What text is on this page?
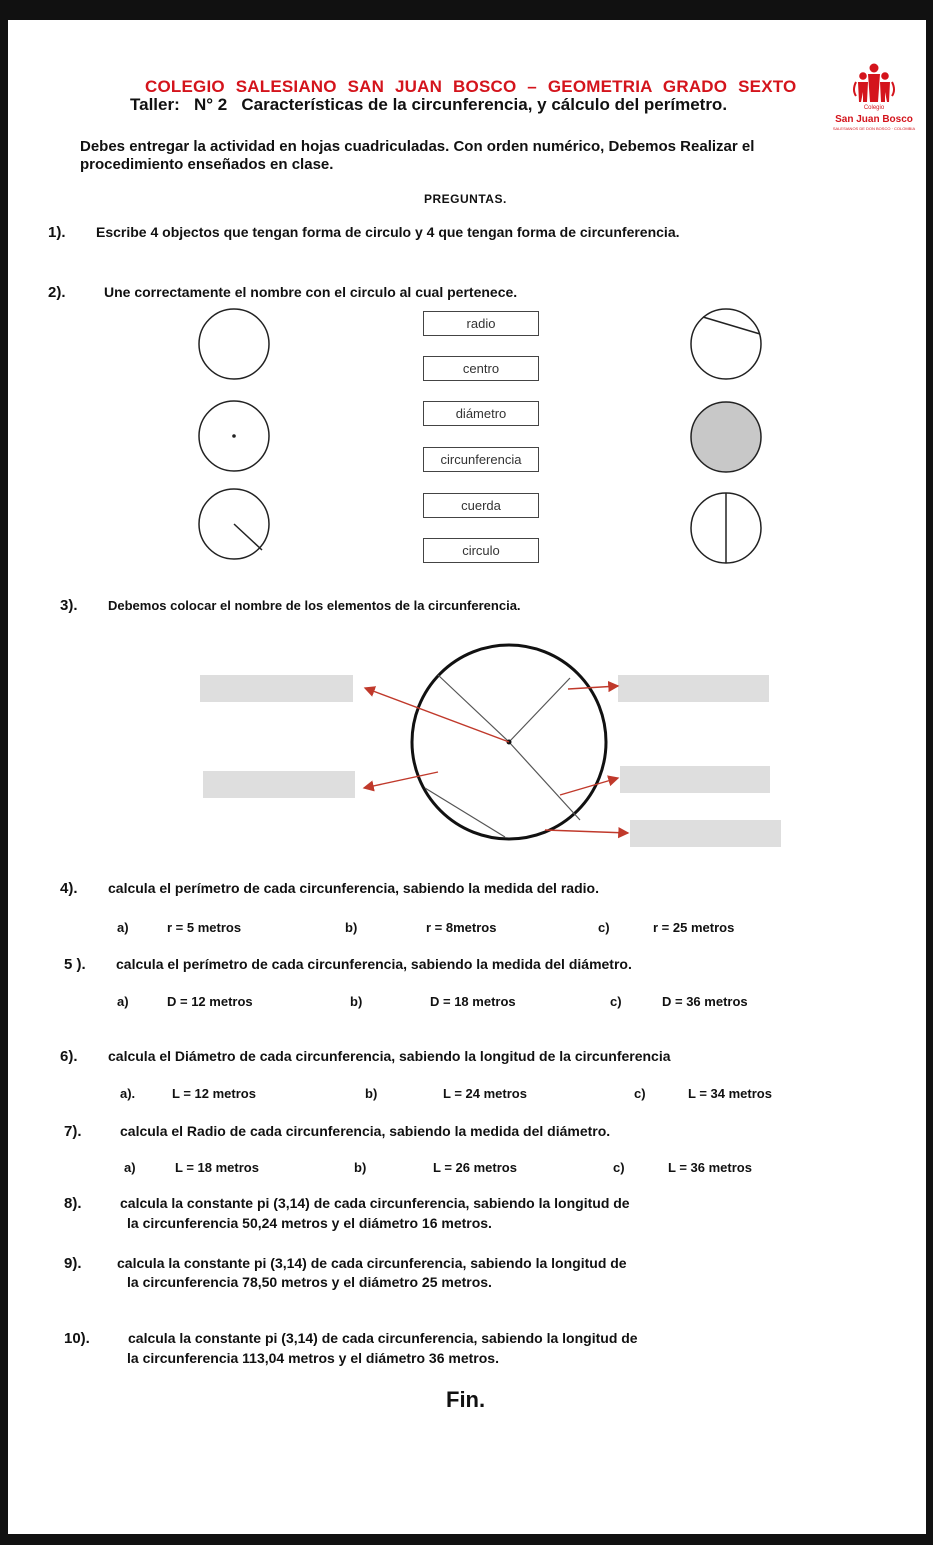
COLEGIO SALESIANO SAN JUAN BOSCO – GEOMETRIA GRADO SEXTO
Taller: N° 2 Características de la circunferencia, y cálculo del perímetro.	Colegio
San Juan Bosco
SALESIANOS DE DON BOSCO · COLOMBIA
Debes entregar la actividad en hojas cuadriculadas. Con orden numérico, Debemos Realizar el procedimiento enseñados en clase.
PREGUNTAS.
1). Escribe 4 objectos que tengan forma de circulo y 4 que tengan forma de circunferencia.
2).	Une correctamente el nombre con el circulo al cual pertenece.
radio
centro
diámetro
circunferencia
cuerda
circulo
3). Debemos colocar el nombre de los elementos de la circunferencia.
4). calcula el perímetro de cada circunferencia, sabiendo la medida del radio.
a)	r = 5 metros	b)	r = 8metros	c)	r = 25 metros
5 ). calcula el perímetro de cada circunferencia, sabiendo la medida del diámetro.
a)	D = 12 metros	b)	D = 18 metros	c)	D = 36 metros
6). calcula el Diámetro de cada circunferencia, sabiendo la longitud de la circunferencia
a).	L = 12 metros	b)	L = 24 metros	c)	L = 34 metros
7).	calcula el Radio de cada circunferencia, sabiendo la medida del diámetro.
a)	L = 18 metros	b)	L = 26 metros	c)	L = 36 metros
8).	calcula la constante pi (3,14) de cada circunferencia, sabiendo la longitud de
la circunferencia 50,24 metros y el diámetro 16 metros.
9).	calcula la constante pi (3,14) de cada circunferencia, sabiendo la longitud de
la circunferencia 78,50 metros y el diámetro 25 metros.
10).	calcula la constante pi (3,14) de cada circunferencia, sabiendo la longitud de
la circunferencia 113,04 metros y el diámetro 36 metros.
Fin.
